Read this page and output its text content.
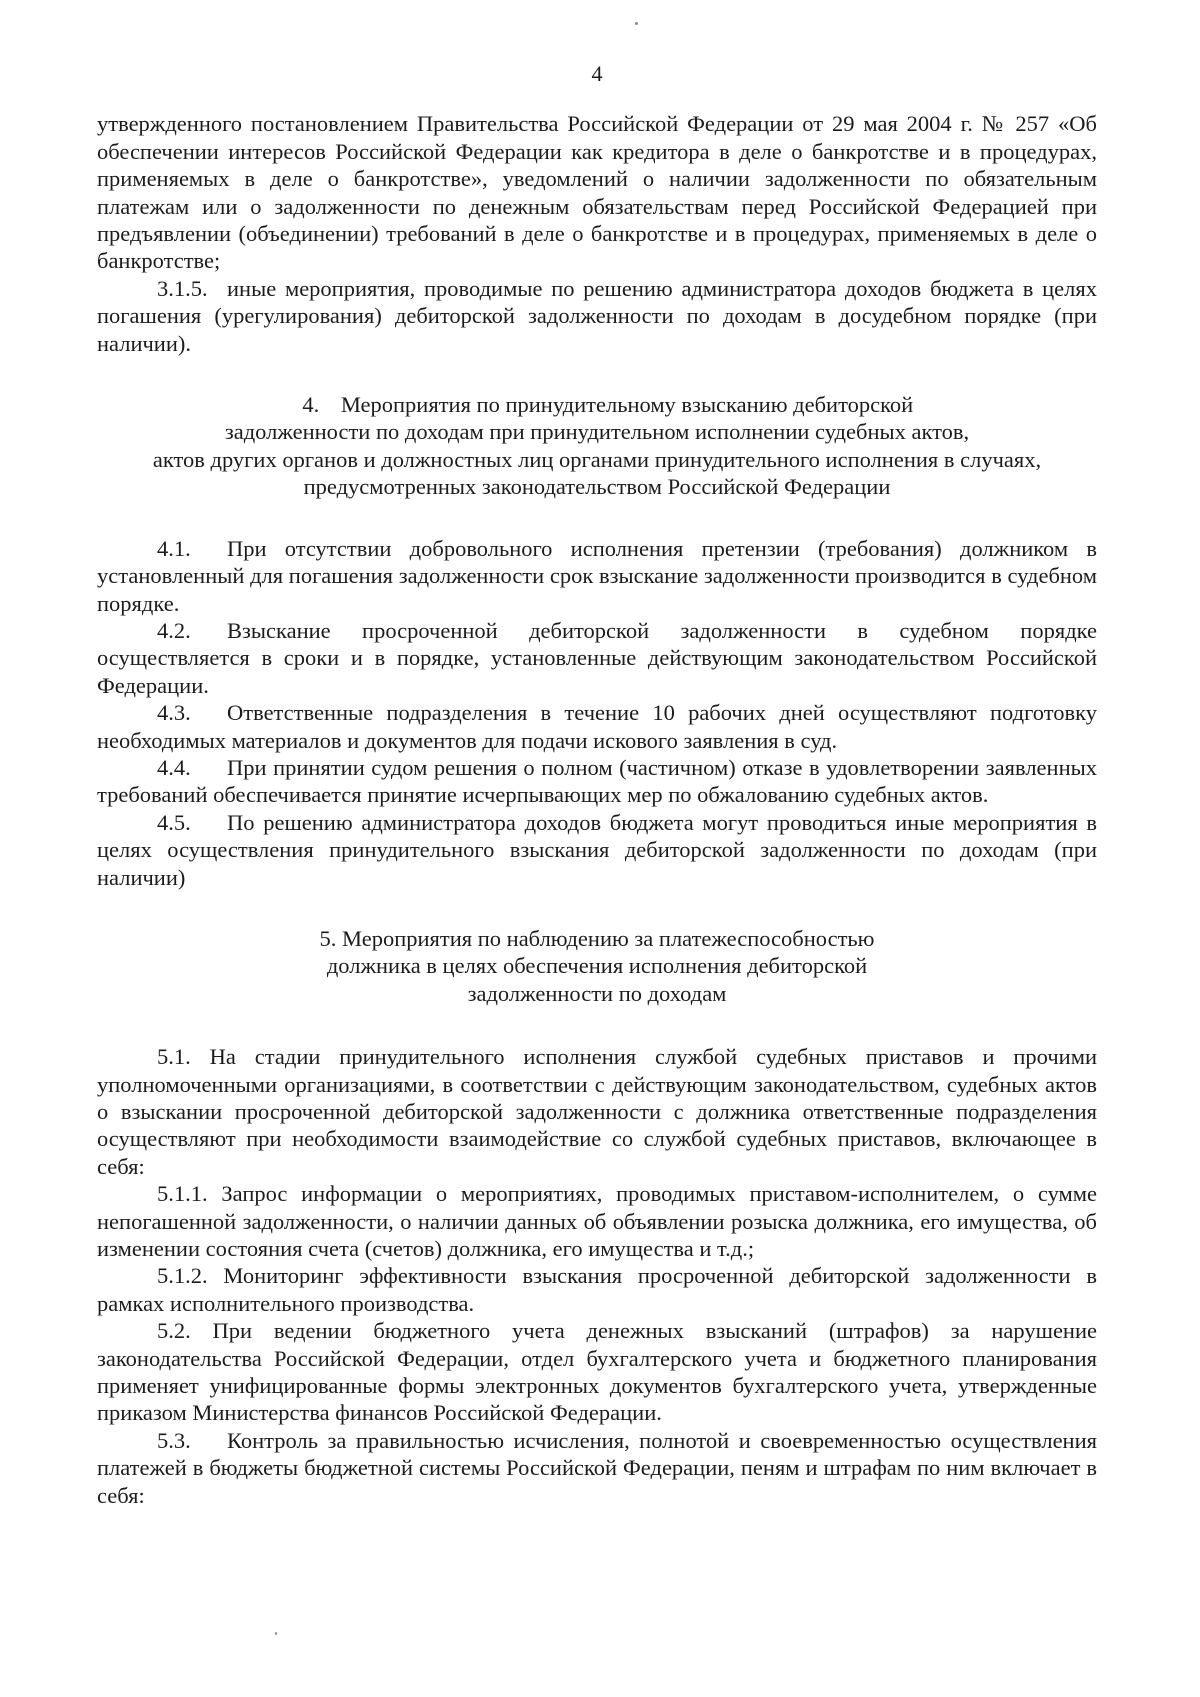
4

утвержденного постановлением Правительства Российской Федерации от 29 мая 2004 г. № 257 «Об обеспечении интересов Российской Федерации как кредитора в деле о банкротстве и в процедурах, применяемых в деле о банкротстве», уведомлений о наличии задолженности по обязательным платежам или о задолженности по денежным обязательствам перед Российской Федерацией при предъявлении (объединении) требований в деле о банкротстве и в процедурах, применяемых в деле о банкротстве;

3.1.5. иные мероприятия, проводимые по решению администратора доходов бюджета в целях погашения (урегулирования) дебиторской задолженности по доходам в досудебном порядке (при наличии).

4. Мероприятия по принудительному взысканию дебиторской
задолженности по доходам при принудительном исполнении судебных актов,
актов других органов и должностных лиц органами принудительного исполнения в случаях,
предусмотренных законодательством Российской Федерации

4.1. При отсутствии добровольного исполнения претензии (требования) должником в установленный для погашения задолженности срок взыскание задолженности производится в судебном порядке.

4.2. Взыскание просроченной дебиторской задолженности в судебном порядке осуществляется в сроки и в порядке, установленные действующим законодательством Российской Федерации.

4.3. Ответственные подразделения в течение 10 рабочих дней осуществляют подготовку необходимых материалов и документов для подачи искового заявления в суд.

4.4. При принятии судом решения о полном (частичном) отказе в удовлетворении заявленных требований обеспечивается принятие исчерпывающих мер по обжалованию судебных актов.

4.5. По решению администратора доходов бюджета могут проводиться иные мероприятия в целях осуществления принудительного взыскания дебиторской задолженности по доходам (при наличии)

5. Мероприятия по наблюдению за платежеспособностью
должника в целях обеспечения исполнения дебиторской
задолженности по доходам

5.1. На стадии принудительного исполнения службой судебных приставов и прочими уполномоченными организациями, в соответствии с действующим законодательством, судебных актов о взыскании просроченной дебиторской задолженности с должника ответственные подразделения осуществляют при необходимости взаимодействие со службой судебных приставов, включающее в себя:

5.1.1. Запрос информации о мероприятиях, проводимых приставом-исполнителем, о сумме непогашенной задолженности, о наличии данных об объявлении розыска должника, его имущества, об изменении состояния счета (счетов) должника, его имущества и т.д.;

5.1.2. Мониторинг эффективности взыскания просроченной дебиторской задолженности в рамках исполнительного производства.

5.2. При ведении бюджетного учета денежных взысканий (штрафов) за нарушение законодательства Российской Федерации, отдел бухгалтерского учета и бюджетного планирования применяет унифицированные формы электронных документов бухгалтерского учета, утвержденные приказом Министерства финансов Российской Федерации.

5.3. Контроль за правильностью исчисления, полнотой и своевременностью осуществления платежей в бюджеты бюджетной системы Российской Федерации, пеням и штрафам по ним включает в себя:
